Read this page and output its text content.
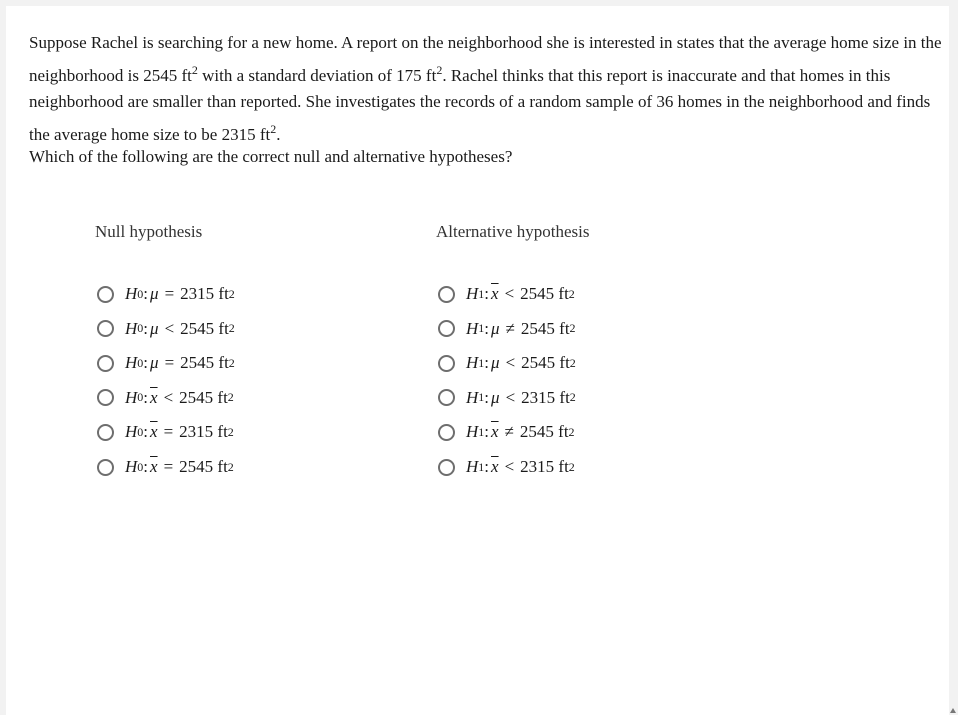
Suppose Rachel is searching for a new home. A report on the neighborhood she is interested in states that the average home size in the neighborhood is 2545 $ft^2$ with a standard deviation of 175 $ft^2$. Rachel thinks that this report is inaccurate and that homes in this neighborhood are smaller than reported. She investigates the records of a random sample of 36 homes in the neighborhood and finds the average home size to be 2315 $ft^2$.

Which of the following are the correct null and alternative hypotheses?

Null hypothesis	Alternative hypothesis
H 0 : μ = 2315 ft 2
H 0 : μ < 2545 ft 2
H 0 : μ = 2545 ft 2
H 0 : $\overline{x} < 2545$ ft 2
H 0 : $\overline{x} = 2315$ ft 2
H 0 : $\overline{x} = 2545$ ft 2
H 1 : $\overline{x} < 2545$ ft 2
H 1 : μ ≠ 2545 ft 2
H 1 : μ < 2545 ft 2
H 1 : μ < 2315 ft 2
H 1 : $\overline{x} \ne 2545$ ft 2
H 1 : $\overline{x} < 2315$ ft 2
